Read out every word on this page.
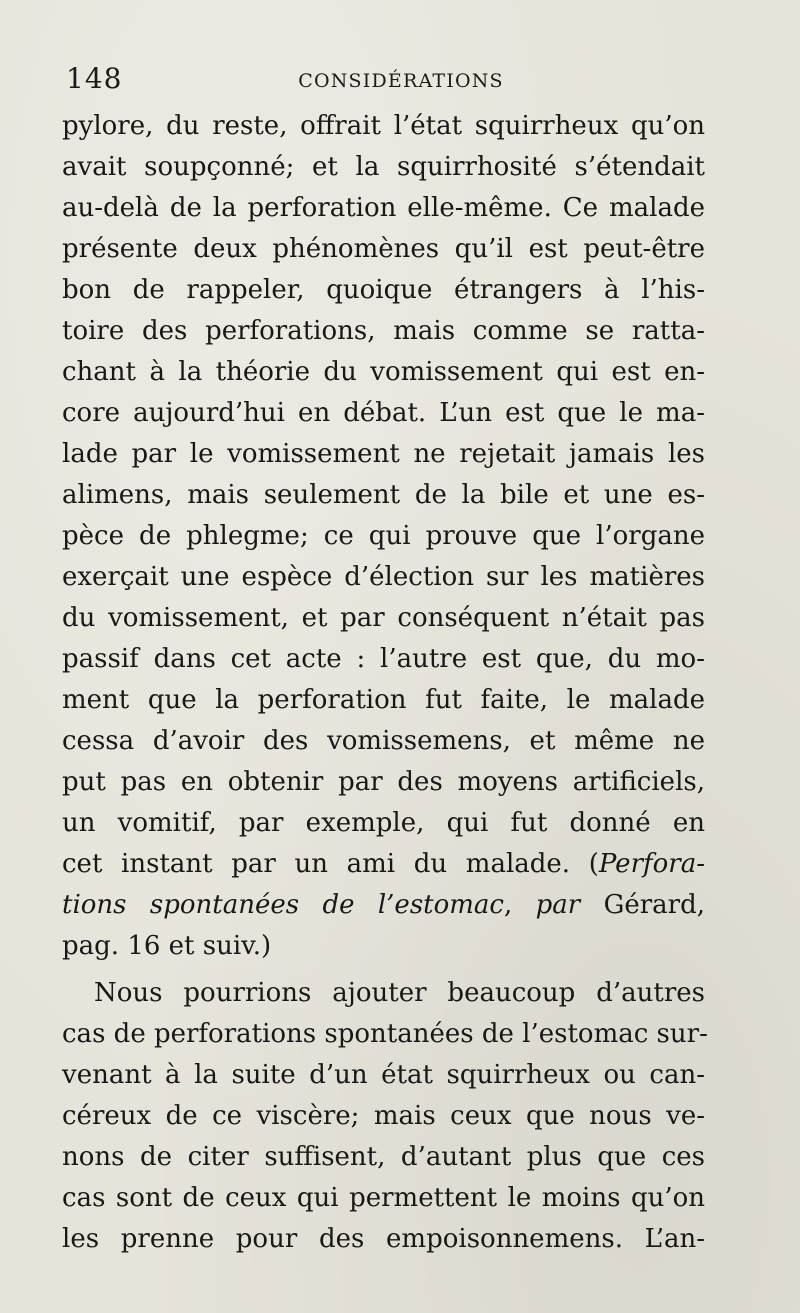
148	CONSIDÉRATIONS
pylore, du reste, offrait l’état squirrheux qu’on
avait soupçonné; et la squirrhosité s’étendait
au-delà de la perforation elle-même. Ce malade
présente deux phénomènes qu’il est peut-être
bon de rappeler, quoique étrangers à l’his-
toire des perforations, mais comme se ratta-
chant à la théorie du vomissement qui est en-
core aujourd’hui en débat. L’un est que le ma-
lade par le vomissement ne rejetait jamais les
alimens, mais seulement de la bile et une es-
pèce de phlegme; ce qui prouve que l’organe
exerçait une espèce d’élection sur les matières
du vomissement, et par conséquent n’était pas
passif dans cet acte : l’autre est que, du mo-
ment que la perforation fut faite, le malade
cessa d’avoir des vomissemens, et même ne
put pas en obtenir par des moyens artificiels,
un vomitif, par exemple, qui fut donné en
cet instant par un ami du malade. (Perfora-
tions spontanées de l’estomac, par Gérard,
pag. 16 et suiv.)
Nous pourrions ajouter beaucoup d’autres
cas de perforations spontanées de l’estomac sur-
venant à la suite d’un état squirrheux ou can-
céreux de ce viscère; mais ceux que nous ve-
nons de citer suffisent, d’autant plus que ces
cas sont de ceux qui permettent le moins qu’on
les prenne pour des empoisonnemens. L’an-
